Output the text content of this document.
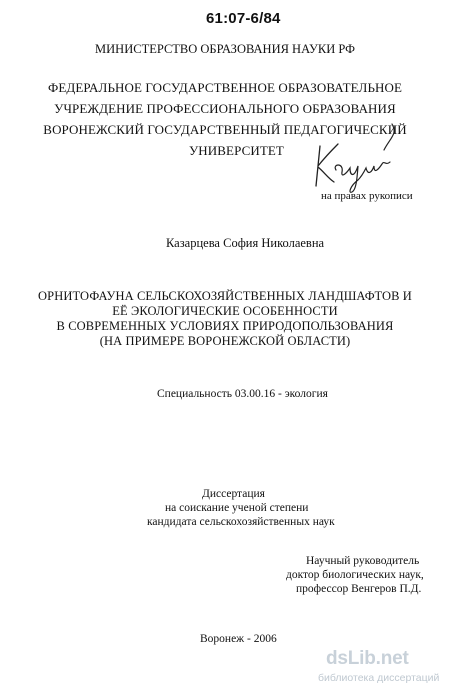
61:07-6/84
МИНИСТЕРСТВО ОБРАЗОВАНИЯ НАУКИ РФ
ФЕДЕРАЛЬНОЕ ГОСУДАРСТВЕННОЕ ОБРАЗОВАТЕЛЬНОЕ
УЧРЕЖДЕНИЕ ПРОФЕССИОНАЛЬНОГО ОБРАЗОВАНИЯ
ВОРОНЕЖСКИЙ ГОСУДАРСТВЕННЫЙ ПЕДАГОГИЧЕСКИЙ
УНИВЕРСИТЕТ
на правах рукописи
Казарцева София Николаевна
ОРНИТОФАУНА СЕЛЬСКОХОЗЯЙСТВЕННЫХ ЛАНДШАФТОВ И
ЕЁ ЭКОЛОГИЧЕСКИЕ ОСОБЕННОСТИ
В СОВРЕМЕННЫХ УСЛОВИЯХ ПРИРОДОПОЛЬЗОВАНИЯ
(НА ПРИМЕРЕ ВОРОНЕЖСКОЙ ОБЛАСТИ)
Специальность 03.00.16 - экология
Диссертация
на соискание ученой степени
кандидата сельскохозяйственных наук
Научный руководитель
доктор биологических наук,
профессор Венгеров П.Д.
Воронеж - 2006
dsLib.net
библиотека диссертаций
